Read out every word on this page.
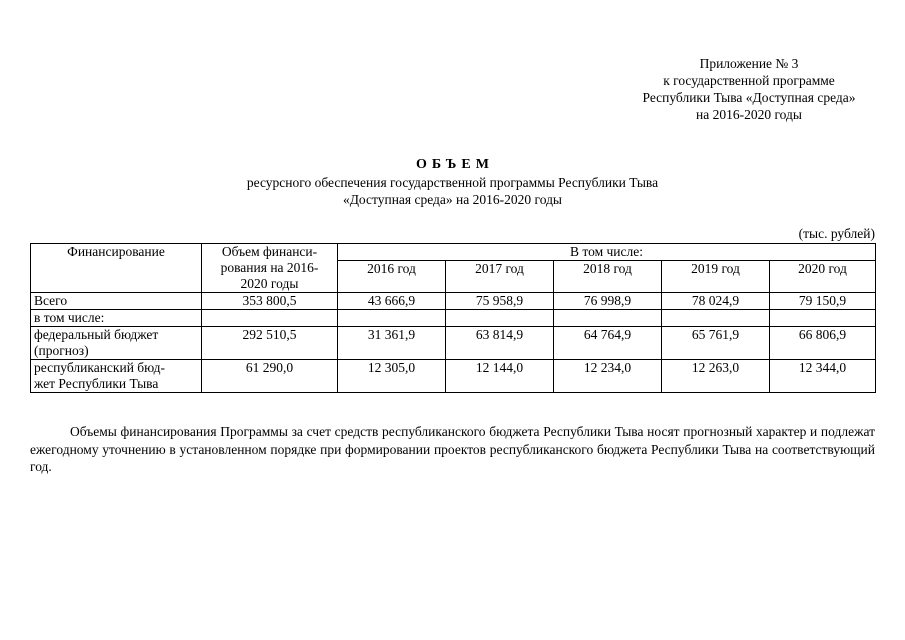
Приложение № 3
к государственной программе
Республики Тыва «Доступная среда»
на 2016-2020 годы
ОБЪЕМ
ресурсного обеспечения государственной программы Республики Тыва
«Доступная среда» на 2016-2020 годы
(тыс. рублей)
Финансирование	Объем финанси-
рования на 2016-
2020 годы	В том числе:				
		2016 год	2017 год	2018 год	2019 год	2020 год
Всего	353 800,5	43 666,9	75 958,9	76 998,9	78 024,9	79 150,9
в том числе:						

федеральный бюджет
(прогноз)	292 510,5	31 361,9	63 814,9	64 764,9	65 761,9	66 806,9

республиканский бюд-
жет Республики Тыва	61 290,0	12 305,0	12 144,0	12 234,0	12 263,0	12 344,0
Объемы финансирования Программы за счет средств республиканского бюджета Республики Тыва носят прогнозный характер и подлежат ежегодному уточнению в установленном порядке при формировании проектов республиканского бюджета Республики Тыва на соответствующий год.
